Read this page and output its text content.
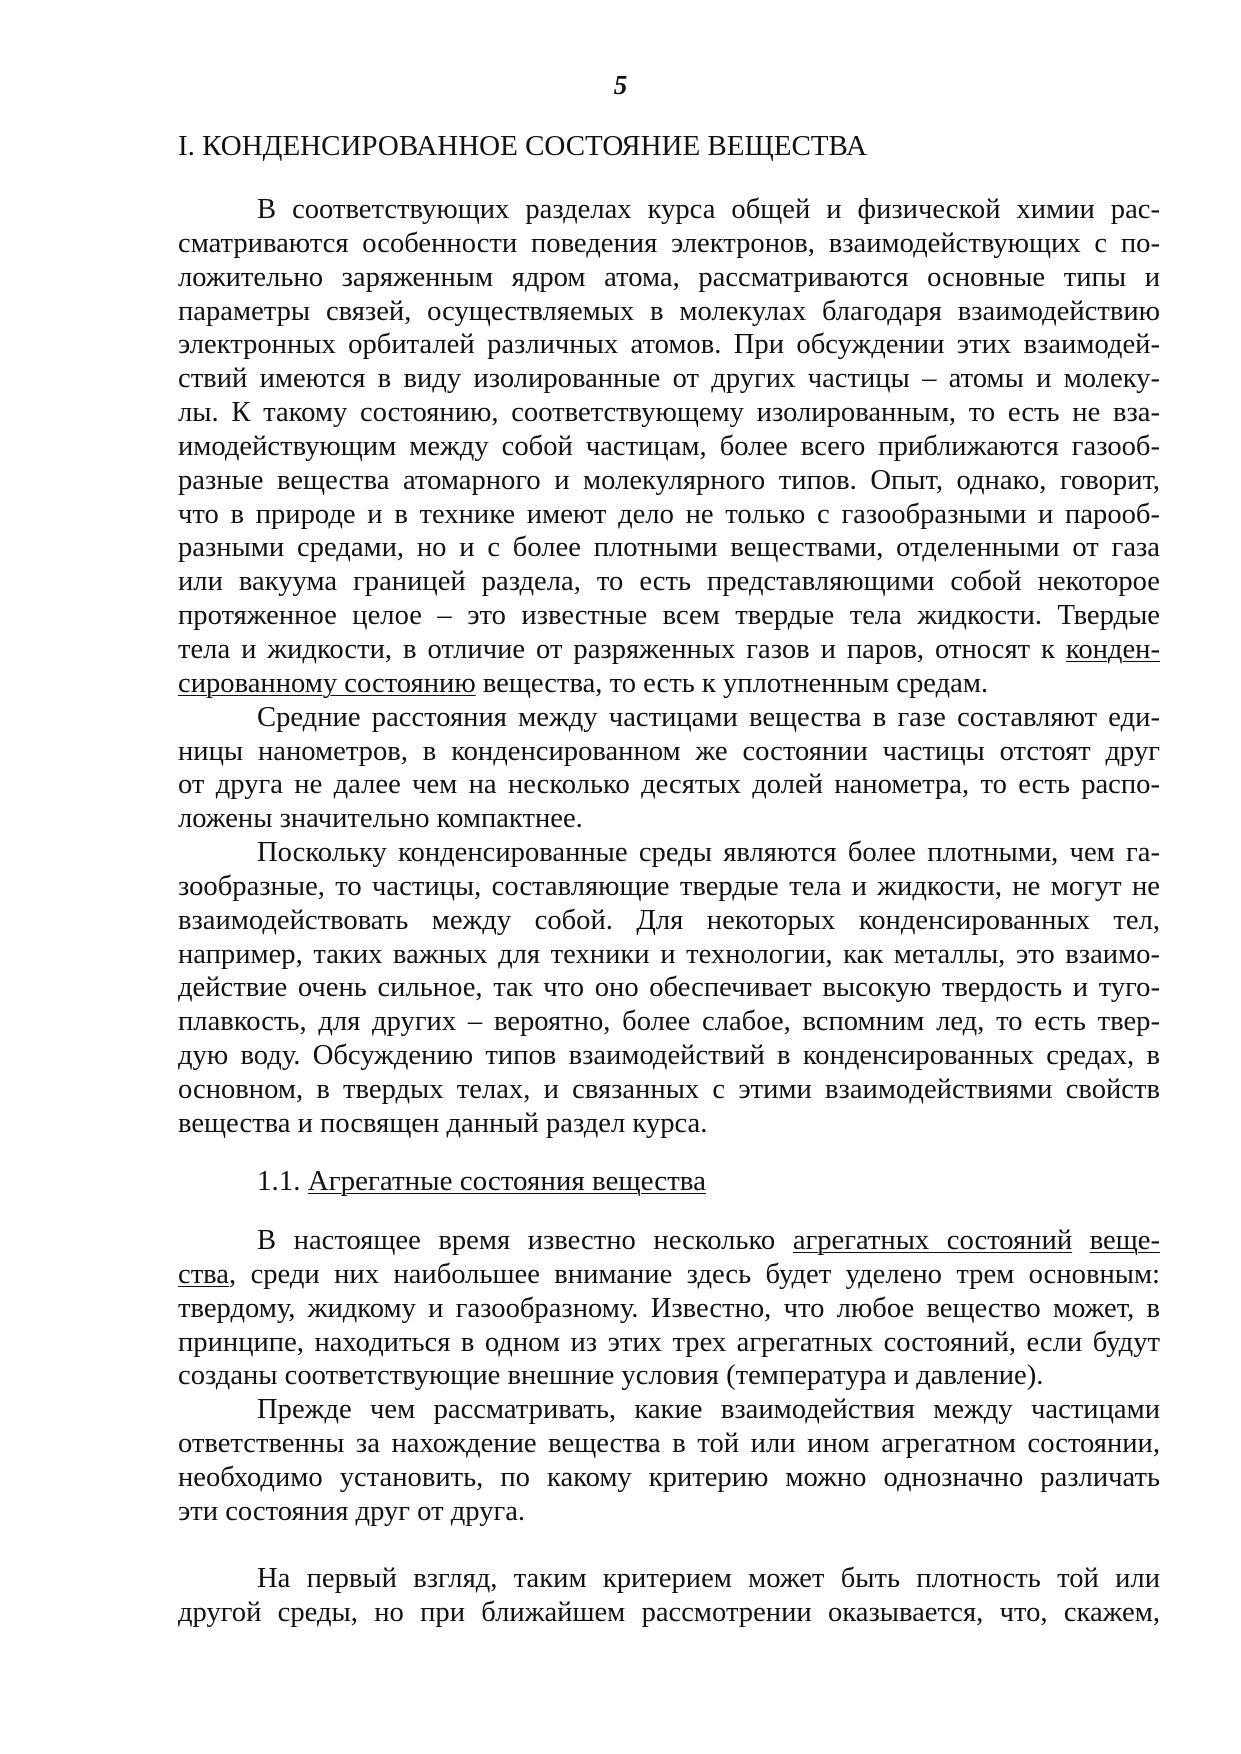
5
I. КОНДЕНСИРОВАННОЕ СОСТОЯНИЕ ВЕЩЕСТВА
В соответствующих разделах курса общей и физической химии рас-
сматриваются особенности поведения электронов, взаимодействующих с по-
ложительно заряженным ядром атома, рассматриваются основные типы и
параметры связей, осуществляемых в молекулах благодаря взаимодействию
электронных орбиталей различных атомов. При обсуждении этих взаимодей-
ствий имеются в виду изолированные от других частицы – атомы и молеку-
лы. К такому состоянию, соответствующему изолированным, то есть не вза-
имодействующим между собой частицам, более всего приближаются газооб-
разные вещества атомарного и молекулярного типов. Опыт, однако, говорит,
что в природе и в технике имеют дело не только с газообразными и парооб-
разными средами, но и с более плотными веществами, отделенными от газа
или вакуума границей раздела, то есть представляющими собой некоторое
протяженное целое – это известные всем твердые тела жидкости. Твердые
тела и жидкости, в отличие от разряженных газов и паров, относят к конден-
сированному состоянию вещества, то есть к уплотненным средам.
Средние расстояния между частицами вещества в газе составляют еди-
ницы нанометров, в конденсированном же состоянии частицы отстоят друг
от друга не далее чем на несколько десятых долей нанометра, то есть распо-
ложены значительно компактнее.
Поскольку конденсированные среды являются более плотными, чем га-
зообразные, то частицы, составляющие твердые тела и жидкости, не могут не
взаимодействовать между собой. Для некоторых конденсированных тел,
например, таких важных для техники и технологии, как металлы, это взаимо-
действие очень сильное, так что оно обеспечивает высокую твердость и туго-
плавкость, для других – вероятно, более слабое, вспомним лед, то есть твер-
дую воду. Обсуждению типов взаимодействий в конденсированных средах, в
основном, в твердых телах, и связанных с этими взаимодействиями свойств
вещества и посвящен данный раздел курса.
1.1. Агрегатные состояния вещества
В настоящее время известно несколько агрегатных состояний веще-
ства, среди них наибольшее внимание здесь будет уделено трем основным:
твердому, жидкому и газообразному. Известно, что любое вещество может, в
принципе, находиться в одном из этих трех агрегатных состояний, если будут
созданы соответствующие внешние условия (температура и давление).
Прежде чем рассматривать, какие взаимодействия между частицами
ответственны за нахождение вещества в той или ином агрегатном состоянии,
необходимо установить, по какому критерию можно однозначно различать
эти состояния друг от друга.
На первый взгляд, таким критерием может быть плотность той или
другой среды, но при ближайшем рассмотрении оказывается, что, скажем,
